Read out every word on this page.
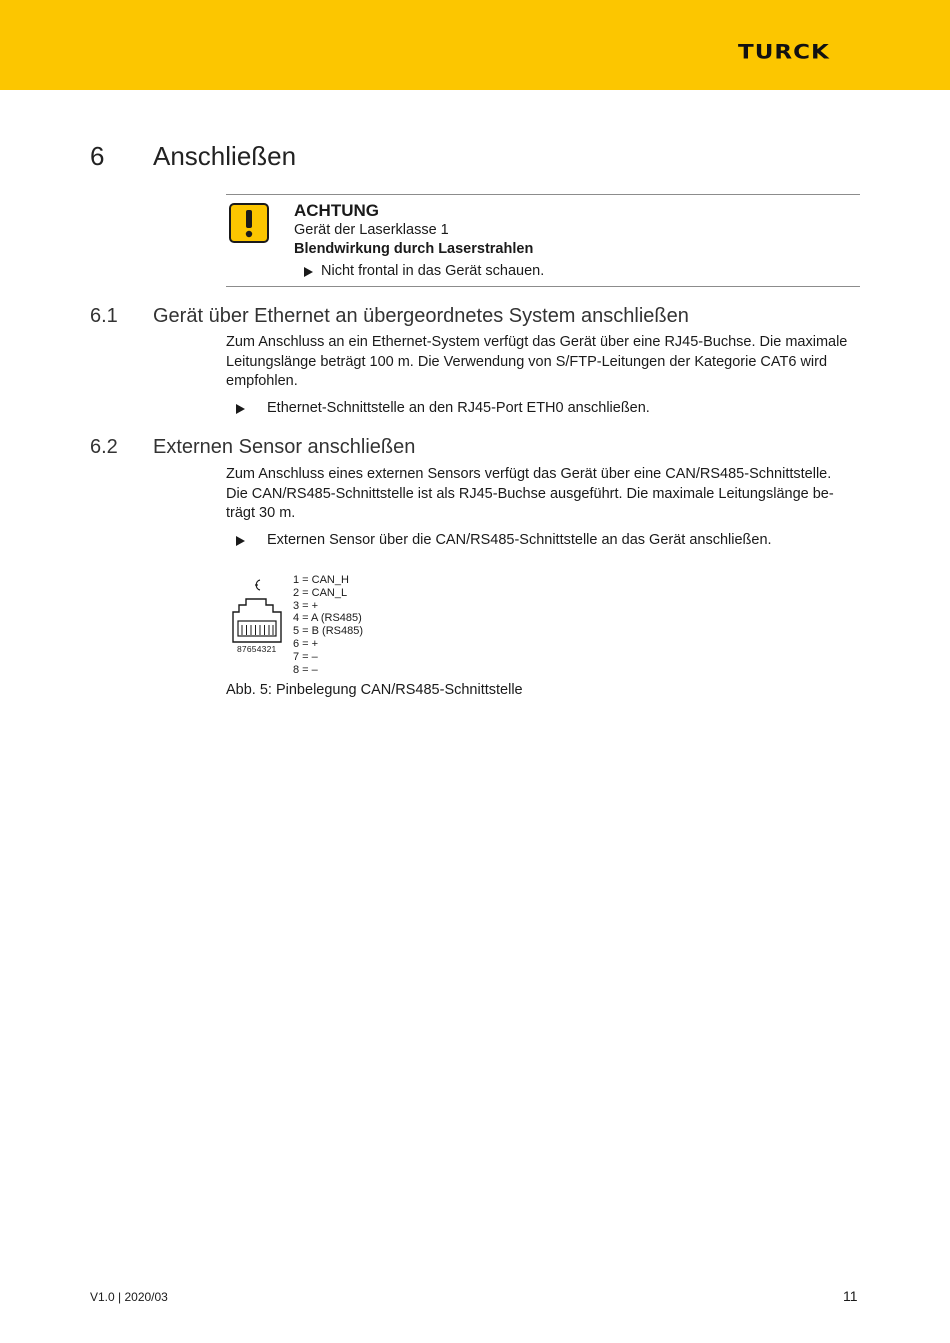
TURCK
6 Anschließen
ACHTUNG
Gerät der Laserklasse 1
Blendwirkung durch Laserstrahlen
Nicht frontal in das Gerät schauen.
6.1 Gerät über Ethernet an übergeordnetes System anschließen
Zum Anschluss an ein Ethernet-System verfügt das Gerät über eine RJ45-Buchse. Die maximale
Leitungslänge beträgt 100 m. Die Verwendung von S/FTP-Leitungen der Kategorie CAT6 wird
empfohlen.
Ethernet-Schnittstelle an den RJ45-Port ETH0 anschließen.
6.2 Externen Sensor anschließen
Zum Anschluss eines externen Sensors verfügt das Gerät über eine CAN/RS485-Schnittstelle.
Die CAN/RS485-Schnittstelle ist als RJ45-Buchse ausgeführt. Die maximale Leitungslänge be-
trägt 30 m.
Externen Sensor über die CAN/RS485-Schnittstelle an das Gerät anschließen.
87654321
1 = CAN_H
2 = CAN_L
3 = +
4 = A (RS485)
5 = B (RS485)
6 = +
7 = –
8 = –
Abb. 5: Pinbelegung CAN/RS485-Schnittstelle
V1.0 | 2020/03	11
